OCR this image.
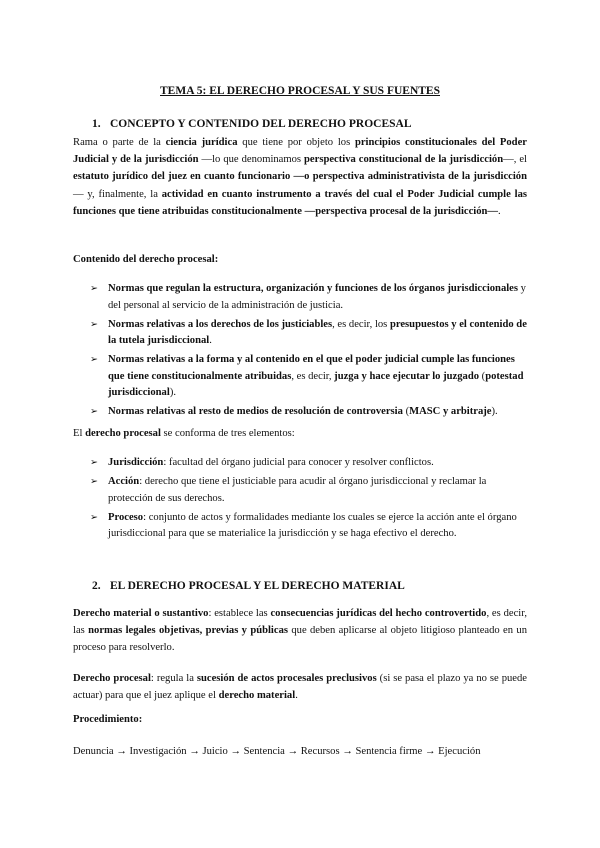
TEMA 5: EL DERECHO PROCESAL Y SUS FUENTES
1. CONCEPTO Y CONTENIDO DEL DERECHO PROCESAL

Rama o parte de la ciencia jurídica que tiene por objeto los principios constitucionales del Poder Judicial y de la jurisdicción —lo que denominamos perspectiva constitucional de la jurisdicción—, el estatuto jurídico del juez en cuanto funcionario —o perspectiva administrativista de la jurisdicción— y, finalmente, la actividad en cuanto instrumento a través del cual el Poder Judicial cumple las funciones que tiene atribuidas constitucionalmente —perspectiva procesal de la jurisdicción—.

Contenido del derecho procesal:
➢ Normas que regulan la estructura, organización y funciones de los órganos jurisdiccionales y del personal al servicio de la administración de justicia.
➢ Normas relativas a los derechos de los justiciables, es decir, los presupuestos y el contenido de la tutela jurisdiccional.
➢ Normas relativas a la forma y al contenido en el que el poder judicial cumple las funciones que tiene constitucionalmente atribuidas, es decir, juzga y hace ejecutar lo juzgado (potestad jurisdiccional).
➢ Normas relativas al resto de medios de resolución de controversia (MASC y arbitraje).

El derecho procesal se conforma de tres elementos:

➢ Jurisdicción: facultad del órgano judicial para conocer y resolver conflictos.
➢ Acción: derecho que tiene el justiciable para acudir al órgano jurisdiccional y reclamar la protección de sus derechos.
➢ Proceso: conjunto de actos y formalidades mediante los cuales se ejerce la acción ante el órgano jurisdiccional para que se materialice la jurisdicción y se haga efectivo el derecho.
2. EL DERECHO PROCESAL Y EL DERECHO MATERIAL

Derecho material o sustantivo: establece las consecuencias jurídicas del hecho controvertido, es decir, las normas legales objetivas, previas y públicas que deben aplicarse al objeto litigioso planteado en un proceso para resolverlo.

Derecho procesal: regula la sucesión de actos procesales preclusivos (si se pasa el plazo ya no se puede actuar) para que el juez aplique el derecho material.

Procedimiento:

Denuncia → Investigación → Juicio → Sentencia → Recursos → Sentencia firme → Ejecución
